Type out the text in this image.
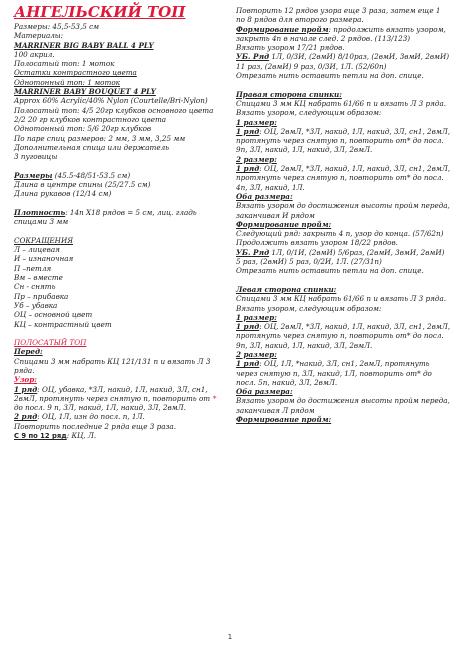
АНГЕЛЬСКИЙ ТОП

Размеры: 45,5-53,5 см

Материалы:

MARRINER BIG BABY BALL 4 PLY

100 акрил.

Полосатый топ: 1 моток

Остатки контрастного цвета

Однотонный топ: 1 моток

MARRINER BABY BOUQUET 4 PLY

Approx 60% Acrylic/40% Nylon (Courtelle/Bri-Nylon)

Полосатый топ: 4/5 20гр клубков основного цвета

2/2 20 гр клубков контрастного цвета

Однотонный топ: 5/6 20гр клубков

По паре спиц размеров: 2 мм, 3 мм, 3,25 мм

Дополнительная спица или держатель

3 пуговицы

Размеры (45.5-48/51-53.5 см)

Длина в центре спины (25/27.5 см)

Длина рукавов (12/14 см)

Плотность: 14п Х18 рядов = 5 см, лиц. гладь спицами 3 мм

СОКРАЩЕНИЯ

Л – лицевая

И – изнаночная

П –петля

Вм – вместе

Сн - снять

Пр – прибавка

Уб – убавка

ОЦ – основной цвет

КЦ – контрастный цвет

ПОЛОСАТЫЙ ТОП

Перед:

Спицами 3 мм набрать КЦ 121/131 п и вязать Л 3 ряда.

Узор:

1 ряд: ОЦ, убавка, *3Л, накид, 1Л, накид, 3Л, сн1, 2вмЛ, протянуть через снятую п, повторить от * до посл. 9 п, 3Л, накид, 1Л, накид, 3Л, 2вмЛ.

2 ряд: ОЦ, 1Л, изн до посл. п, 1Л.

Повторить последние 2 ряда еще 3 раза.

С 9 по 12 ряд: КЦ, Л.

Повторить 12 рядов узора еще 3 раза, затем еще 1 по 8 рядов для второго размера.

Формирование пройм: продолжить вязать узором, закрыть 4п в начале след. 2 рядов. (113/123)

Вязать узором 17/21 рядов.

УБ. Ряд 1Л, 0/3И, (2вмИ) 8/10раз, (2вмИ, 3вмИ, 2вмИ) 11 раз, (2вмИ) 9 раз, 0/3И, 1Л. (52/60п)

Отрезать нить оставить петли на доп. спице.

Правая сторона спинки:

Спицами 3 мм КЦ набрать 61/66 п и вязать Л 3 ряда.

Вязать узором, следующим образом:

1 размер:

1 ряд: ОЦ, 2вмЛ, *3Л, накид, 1Л, накид, 3Л, сн1, 2вмЛ, протянуть через снятую п, повторить от* до посл. 9п, 3Л, накид, 1Л, накид, 3Л, 2вмЛ.

2 размер:

1 ряд: ОЦ, 2вмЛ, *3Л, накид, 1Л, накид, 3Л, сн1, 2вмЛ, протянуть через снятую п, повторить от* до посл. 4п, 3Л, накид, 1Л.

Оба размера:

Вязать узором до достижения высоты пройм переда, заканчивая И рядом

Формирование пройм:

Следующий ряд: закрыть 4 п, узор до конца. (57/62п)

Продолжить вязать узором 18/22 рядов.

УБ. Ряд 1Л, 0/1И, (2вмИ) 5/6раз, (2вмИ, 3вмИ, 2вмИ) 5 раз, (2вмИ) 5 раз, 0/2И, 1Л. (27/31п)

Отрезать нить оставить петли на доп. спице.

Левая сторона спинки:

Спицами 3 мм КЦ набрать 61/66 п и вязать Л 3 ряда.

Вязать узором, следующим образом:

1 размер:

1 ряд: ОЦ, 2вмЛ, *3Л, накид, 1Л, накид, 3Л, сн1, 2вмЛ, протянуть через снятую п, повторить от* до посл. 9п, 3Л, накид, 1Л, накид, 3Л, 2вмЛ.

2 размер:

1 ряд: ОЦ, 1Л, *накид, 3Л, сн1, 2вмЛ, протянуть через снятую п, 3Л, накид, 1Л, повторить от* до посл. 5п, накид, 3Л, 2вмЛ.

Оба размера:

Вязать узором до достижения высоты пройм переда, заканчивая Л рядом

Формирование пройм:

1
